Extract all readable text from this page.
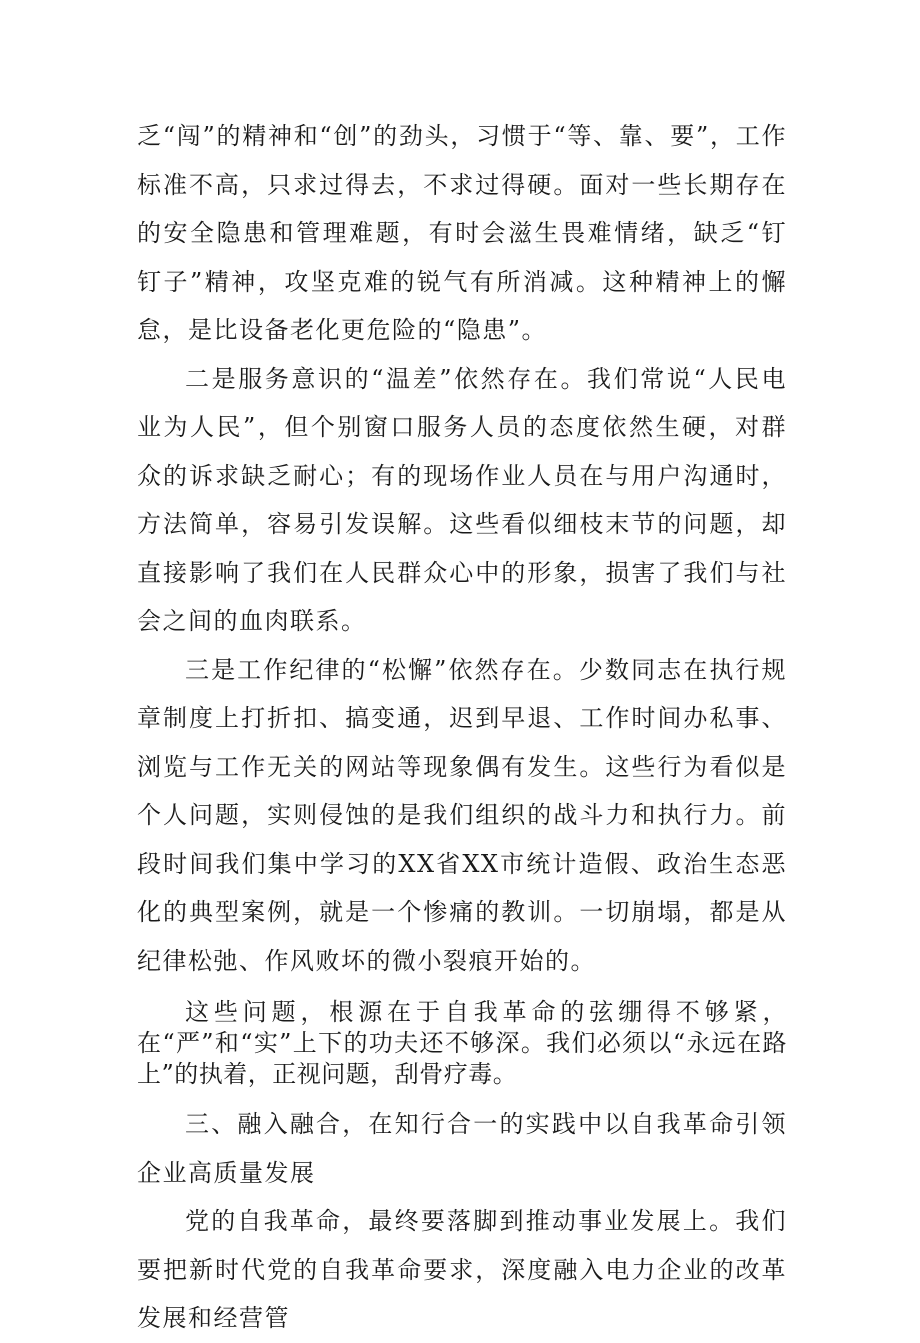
乏“闯”的精神和“创”的劲头，习惯于“等、靠、要”，工作标准不高，只求过得去，不求过得硬。面对一些长期存在的安全隐患和管理难题，有时会滋生畏难情绪，缺乏“钉钉子”精神，攻坚克难的锐气有所消减。这种精神上的懈怠，是比设备老化更危险的“隐患”。

二是服务意识的“温差”依然存在。我们常说“人民电业为人民”，但个别窗口服务人员的态度依然生硬，对群众的诉求缺乏耐心；有的现场作业人员在与用户沟通时，方法简单，容易引发误解。这些看似细枝末节的问题，却直接影响了我们在人民群众心中的形象，损害了我们与社会之间的血肉联系。

三是工作纪律的“松懈”依然存在。少数同志在执行规章制度上打折扣、搞变通，迟到早退、工作时间办私事、浏览与工作无关的网站等现象偶有发生。这些行为看似是个人问题，实则侵蚀的是我们组织的战斗力和执行力。前段时间我们集中学习的XX省XX市统计造假、政治生态恶化的典型案例，就是一个惨痛的教训。一切崩塌，都是从纪律松弛、作风败坏的微小裂痕开始的。

这些问题，根源在于自我革命的弦绷得不够紧，在“严”和“实”上下的功夫还不够深。我们必须以“永远在路上”的执着，正视问题，刮骨疗毒。

三、融入融合，在知行合一的实践中以自我革命引领企业高质量发展

党的自我革命，最终要落脚到推动事业发展上。我们要把新时代党的自我革命要求，深度融入电力企业的改革发展和经营管
